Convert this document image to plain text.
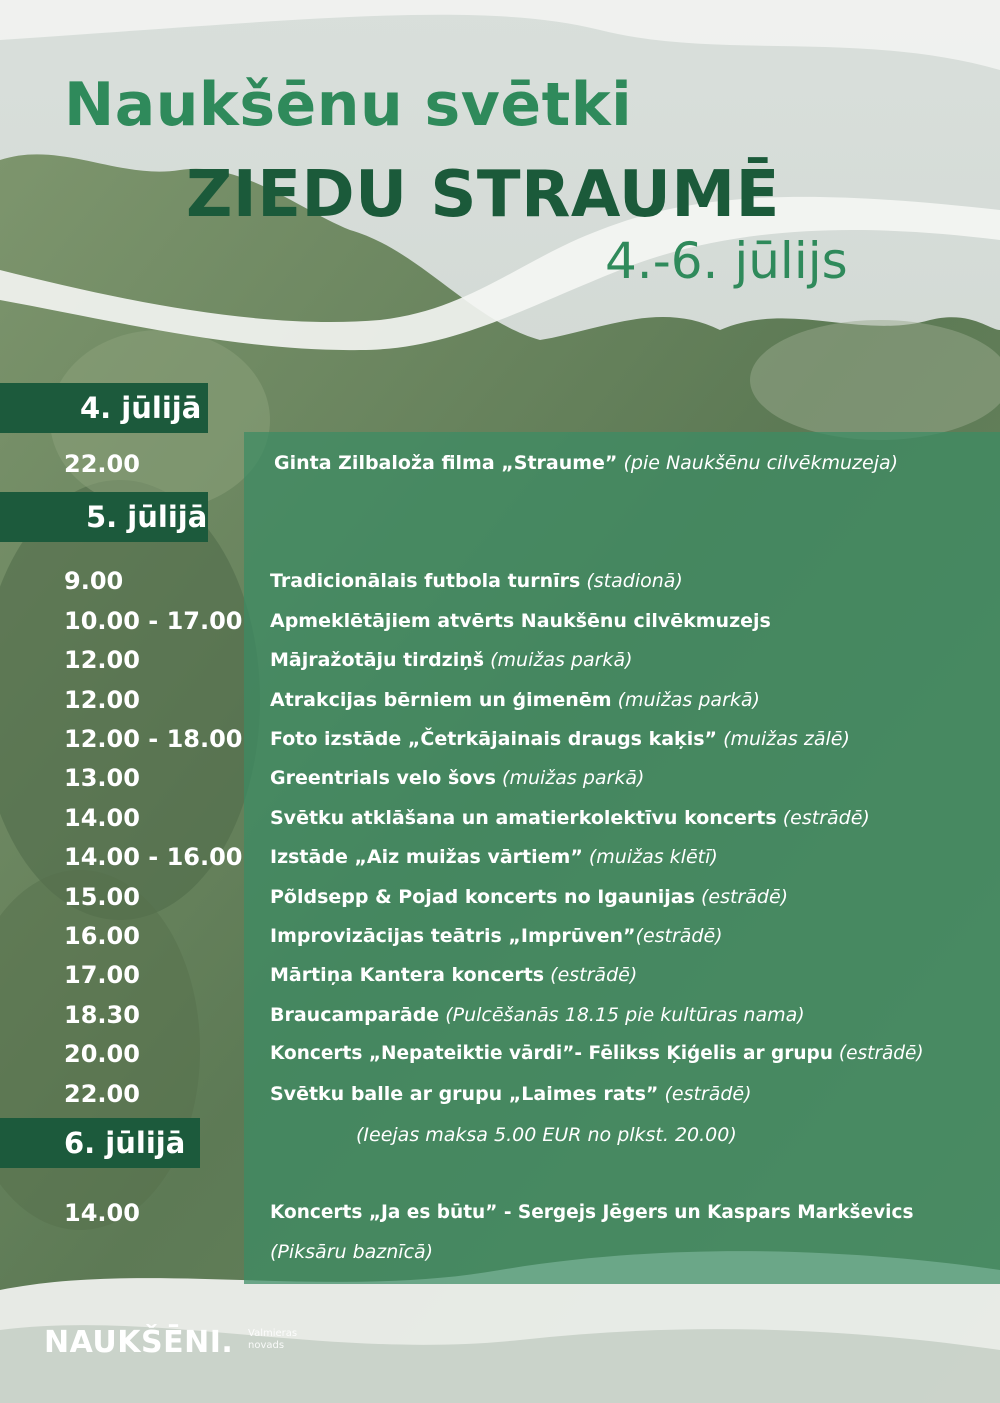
Naukšēnu svētki
ZIEDU STRAUMĒ
4.-6. jūlijs
4. jūlijā
5. jūlijā
6. jūlijā
22.00	Ginta Zilbaloža filma „Straume” (pie Naukšēnu cilvēkmuzeja)
9.00	Tradicionālais futbola turnīrs (stadionā)
10.00 - 17.00 Apmeklētājiem atvērts Naukšēnu cilvēkmuzejs
12.00	Mājražotāju tirdziņš (muižas parkā)
12.00	Atrakcijas bērniem un ģimenēm (muižas parkā)
12.00 - 18.00 Foto izstāde „Četrkājainais draugs kaķis” (muižas zālē)
13.00	Greentrials velo šovs (muižas parkā)
14.00	Svētku atklāšana un amatierkolektīvu koncerts (estrādē)
14.00 - 16.00 Izstāde „Aiz muižas vārtiem” (muižas klētī)
15.00	Põldsepp & Pojad koncerts no Igaunijas (estrādē)
16.00	Improvizācijas teātris „Imprūven”(estrādē)
17.00	Mārtiņa Kantera koncerts (estrādē)
18.30	Braucamparāde (Pulcēšanās 18.15 pie kultūras nama)
20.00	Koncerts „Nepateiktie vārdi”- Fēlikss Ķiģelis ar grupu (estrādē)
22.00	Svētku balle ar grupu „Laimes rats” (estrādē)
(Ieejas maksa 5.00 EUR no plkst. 20.00)
14.00	Koncerts „Ja es būtu” - Sergejs Jēgers un Kaspars Markševics
(Piksāru baznīcā)
NAUKŠĒNI. Valmieras
novads
